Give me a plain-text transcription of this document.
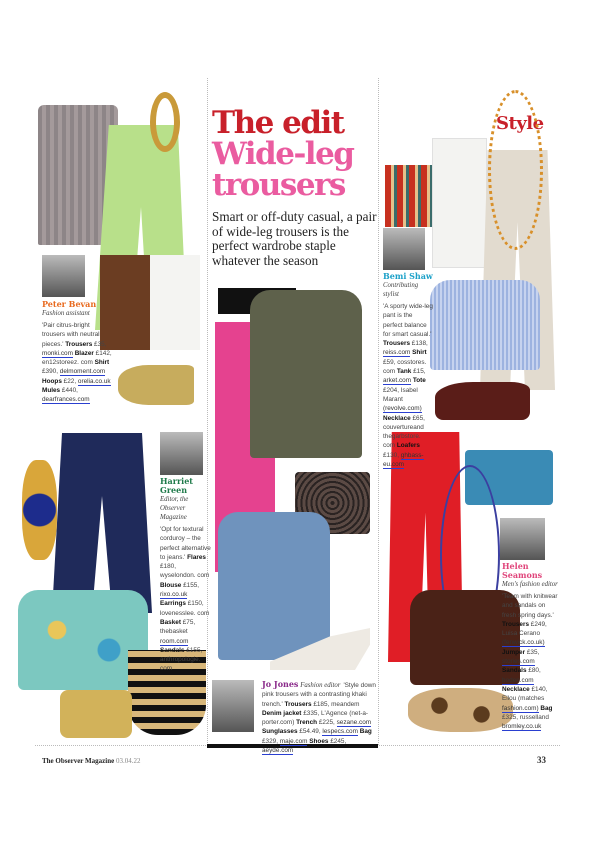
The edit
Wide-leg
trousers
Smart or off-duty casual, a pair of wide-leg trousers is the perfect wardrobe staple whatever the season
Style
Peter Bevan
Fashion assistant
'Pair citrus-bright trousers with neutral pieces.' Trousers £35, monki.com Blazer £142, en12storeez. com Shirt £390, delmoment.com Hoops £22, orelia.co.uk Mules £440, dearfrances.com
Harriet Green
Editor, the Observer Magazine
'Opt for textural corduroy – the perfect alternative to jeans.' Flares £180, wyselondon. com Blouse £155, rixo.co.uk Earrings £150, lovenesslee. com Basket £75, thebasket room.com Sandals £155, anthropologie. com
Bemi Shaw
Contributing stylist
'A sporty wide-leg pant is the perfect balance for smart casual.' Trousers £138, reiss.com Shirt £59, cosstores. com Tank £15, arket.com Tote £204, Isabel Marant (revolve.com) Necklace £65, couvertureand thegarbstore. com Loafers £130, ghbass-eu.com
Helen Seamons
Men's fashion editor
'Team with knitwear and sandals on fresh spring days.' Trousers £249, Luisa Cerano (fenwick.co.uk) Jumper £35, stories.com Sandals £80, boden.com Necklace £140, Ellou (matches fashion.com) Bag £325, russelland bromley.co.uk
Jo Jones Fashion editor 'Style down pink trousers with a contrasting khaki trench.' Trousers £185, meandem Denim jacket £335, L'Agence (net-a-porter.com) Trench £225, sezane.com Sunglasses £54.49, lespecs.com Bag £329, maje.com Shoes £245, aeyde.com
The Observer Magazine 03.04.22	33
